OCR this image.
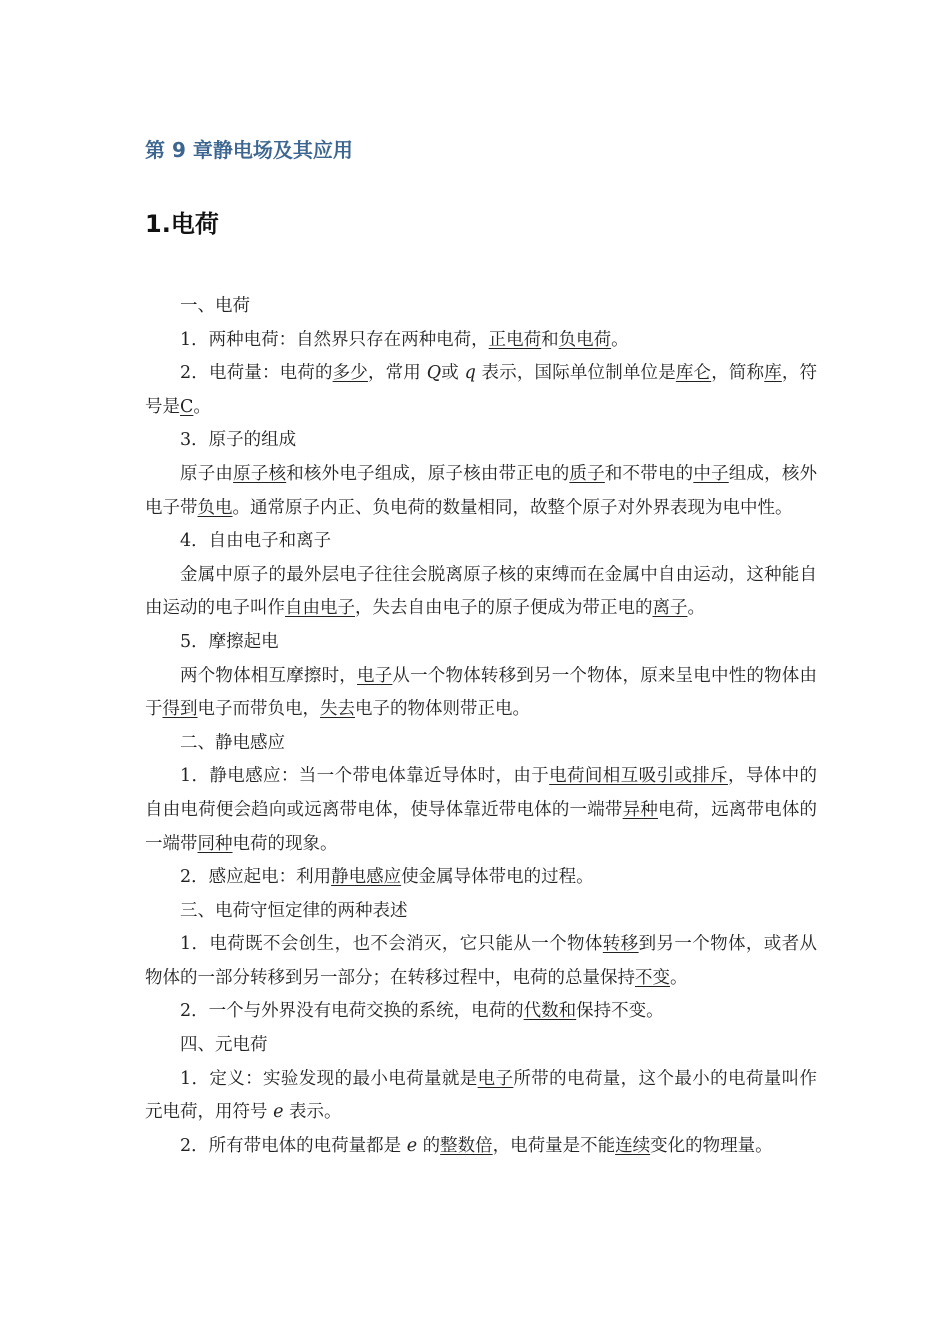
第 9 章静电场及其应用
1.电荷

一、电荷

1．两种电荷：自然界只存在两种电荷，正电荷和负电荷。

2．电荷量：电荷的多少，常用 Q或 q 表示，国际单位制单位是库仑，简称库，符号是C。

3．原子的组成

原子由原子核和核外电子组成，原子核由带正电的质子和不带电的中子组成，核外电子带负电。通常原子内正、负电荷的数量相同，故整个原子对外界表现为电中性。

4．自由电子和离子

金属中原子的最外层电子往往会脱离原子核的束缚而在金属中自由运动，这种能自由运动的电子叫作自由电子，失去自由电子的原子便成为带正电的离子。

5．摩擦起电

两个物体相互摩擦时，电子从一个物体转移到另一个物体，原来呈电中性的物体由于得到电子而带负电，失去电子的物体则带正电。

二、静电感应

1．静电感应：当一个带电体靠近导体时，由于电荷间相互吸引或排斥，导体中的自由电荷便会趋向或远离带电体，使导体靠近带电体的一端带异种电荷，远离带电体的一端带同种电荷的现象。

2．感应起电：利用静电感应使金属导体带电的过程。

三、电荷守恒定律的两种表述

1．电荷既不会创生，也不会消灭，它只能从一个物体转移到另一个物体，或者从物体的一部分转移到另一部分；在转移过程中，电荷的总量保持不变。

2．一个与外界没有电荷交换的系统，电荷的代数和保持不变。

四、元电荷

1．定义：实验发现的最小电荷量就是电子所带的电荷量，这个最小的电荷量叫作元电荷，用符号 e 表示。

2．所有带电体的电荷量都是 e 的整数倍，电荷量是不能连续变化的物理量。
